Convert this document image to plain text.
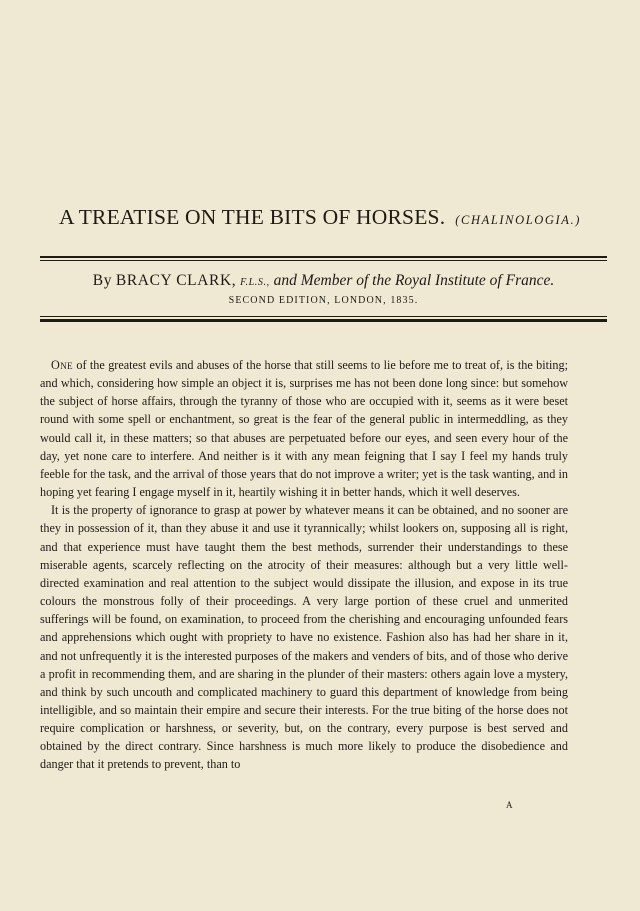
A TREATISE ON THE BITS OF HORSES. (CHALINOLOGIA.)
By BRACY CLARK, F.L.S., and Member of the Royal Institute of France.
SECOND EDITION, LONDON, 1835.

One of the greatest evils and abuses of the horse that still seems to lie before me to treat of, is the biting; and which, considering how simple an object it is, surprises me has not been done long since: but somehow the subject of horse affairs, through the tyranny of those who are occupied with it, seems as it were beset round with some spell or enchantment, so great is the fear of the general public in intermeddling, as they would call it, in these matters; so that abuses are perpetuated before our eyes, and seen every hour of the day, yet none care to interfere. And neither is it with any mean feigning that I say I feel my hands truly feeble for the task, and the arrival of those years that do not improve a writer; yet is the task wanting, and in hoping yet fearing I engage myself in it, heartily wishing it in better hands, which it well deserves.

It is the property of ignorance to grasp at power by whatever means it can be obtained, and no sooner are they in possession of it, than they abuse it and use it tyrannically; whilst lookers on, supposing all is right, and that experience must have taught them the best methods, surrender their understandings to these miserable agents, scarcely reflecting on the atrocity of their measures: although but a very little well-directed examination and real attention to the subject would dissipate the illusion, and expose in its true colours the monstrous folly of their proceedings. A very large portion of these cruel and unmerited sufferings will be found, on examination, to proceed from the cherishing and encouraging unfounded fears and apprehensions which ought with propriety to have no existence. Fashion also has had her share in it, and not unfrequently it is the interested purposes of the makers and venders of bits, and of those who derive a profit in recommending them, and are sharing in the plunder of their masters: others again love a mystery, and think by such uncouth and complicated machinery to guard this department of knowledge from being intelligible, and so maintain their empire and secure their interests. For the true biting of the horse does not require complication or harshness, or severity, but, on the contrary, every purpose is best served and obtained by the direct contrary. Since harshness is much more likely to produce the disobedience and danger that it pretends to prevent, than to

A
